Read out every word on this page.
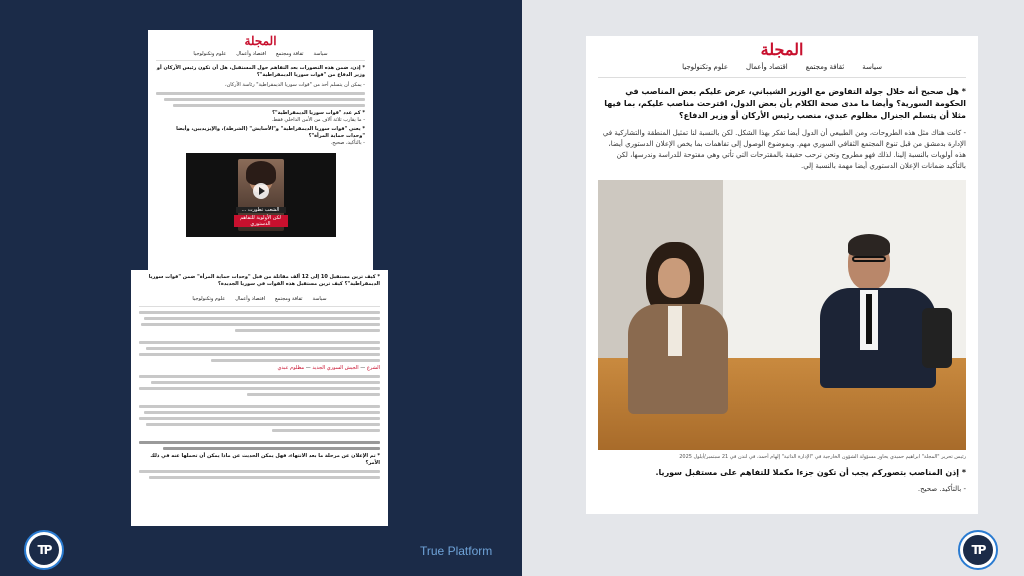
المجلة
سياسة
ثقافة ومجتمع
اقتصاد وأعمال
علوم وتكنولوجيا
* إذن، ضمن هذه التصورات بعد التفاهم حول المستقبل، هل أن تكون رئيس الأركان أو وزير الدفاع من "قوات سوريا الديمقراطية"؟
- يمكن أن يتسلم أحد من "قوات سوريا الديمقراطية" رئاسة الأركان،
* كم عدد "قوات سوريا الديمقراطية"؟
- ما يقارب ثلاثة آلاف من الأمن الداخلي فقط.
* يعني "قوات سوريا الديمقراطية" و"الأسايش" (الشرطة)، والإيزيديين، وأيضا "وحدات حماية المرأة"؟
- بالتأكيد، صحيح.
الشعب تطورت ...
لكن الأولوية للتفاهم الدستوري
* كيف ترين مستقبل 10 إلى 12 ألف مقاتلة من قبل "وحدات حماية المرأة" ضمن "قوات سوريا الديمقراطية"؟ كيف ترين مستقبل هذه القوات في سوريا الجديدة؟
سياسة
ثقافة ومجتمع
اقتصاد وأعمال
علوم وتكنولوجيا
الشرع — الجيش السوري الجديد — مظلوم عبدي
* تم الإعلان عن مرحلة ما بعد الانتهاء، فهل يمكن الحديث عن ماذا يمكن أن تحملها عنه في ذلك الأمر؟
TP	True Platform
المجلة
سياسة
ثقافة ومجتمع
اقتصاد وأعمال
علوم وتكنولوجيا
* هل صحيح أنه خلال جولة التفاوض مع الوزير الشيباني، عرض عليكم بعض المناصب في الحكومة السورية؟ وأيضا ما مدى صحة الكلام بأن بعض الدول، اقترحت مناصب عليكم، بما فيها مثلا أن يتسلم الجنرال مظلوم عبدي، منصب رئيس الأركان أو وزير الدفاع؟
- كانت هناك مثل هذه الطروحات، ومن الطبيعي أن الدول أيضا تفكر بهذا الشكل. لكن بالنسبة لنا تمثيل المنطقة والتشاركية في الإدارة بدمشق من قبل تنوع المجتمع الثقافي السوري مهم. وبموضوع الوصول إلى تفاهمات بما يخص الإعلان الدستوري أيضا، هذه أولويات بالنسبة إلينا. لذلك فهو مطروح ونحن نرحب حقيقة بالمقترحات التي تأتي وهي مفتوحة للدراسة وندرسها، لكن بالتأكيد ضمانات الإعلان الدستوري أيضا مهمة بالنسبة إلي.
رئيس تحرير "المجلة" ابراهيم حميدي يحاور مسؤولة الشؤون الخارجية في "الإدارة الذاتية" إلهام أحمد، في لندن في 21 سبتمبر/أيلول 2025
* إذن المناصب بتصوركم يجب أن تكون جزءا مكملا للتفاهم على مستقبل سوريا.
- بالتأكيد. صحيح.
TP
